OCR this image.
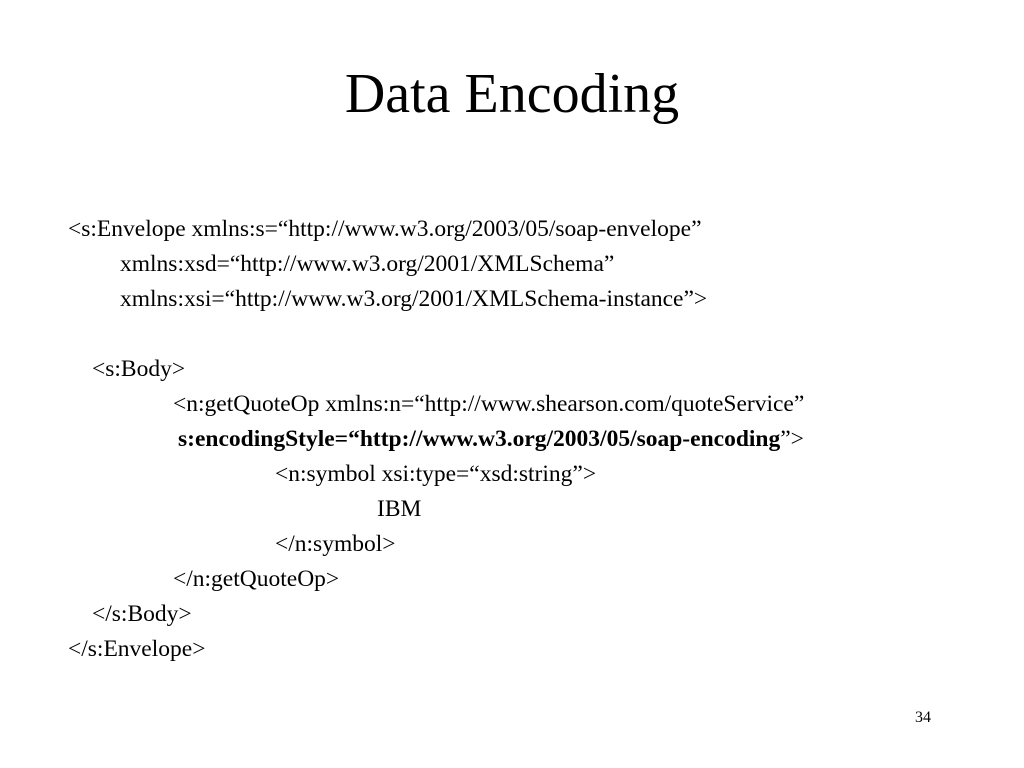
Data Encoding
<s:Envelope xmlns:s=“http://www.w3.org/2003/05/soap-envelope”
xmlns:xsd=“http://www.w3.org/2001/XMLSchema”
xmlns:xsi=“http://www.w3.org/2001/XMLSchema-instance”>
<s:Body>
<n:getQuoteOp xmlns:n=“http://www.shearson.com/quoteService”
s:encodingStyle=“http://www.w3.org/2003/05/soap-encoding”>
<n:symbol xsi:type=“xsd:string”>
IBM
</n:symbol>
</n:getQuoteOp>
</s:Body>
</s:Envelope>
34
